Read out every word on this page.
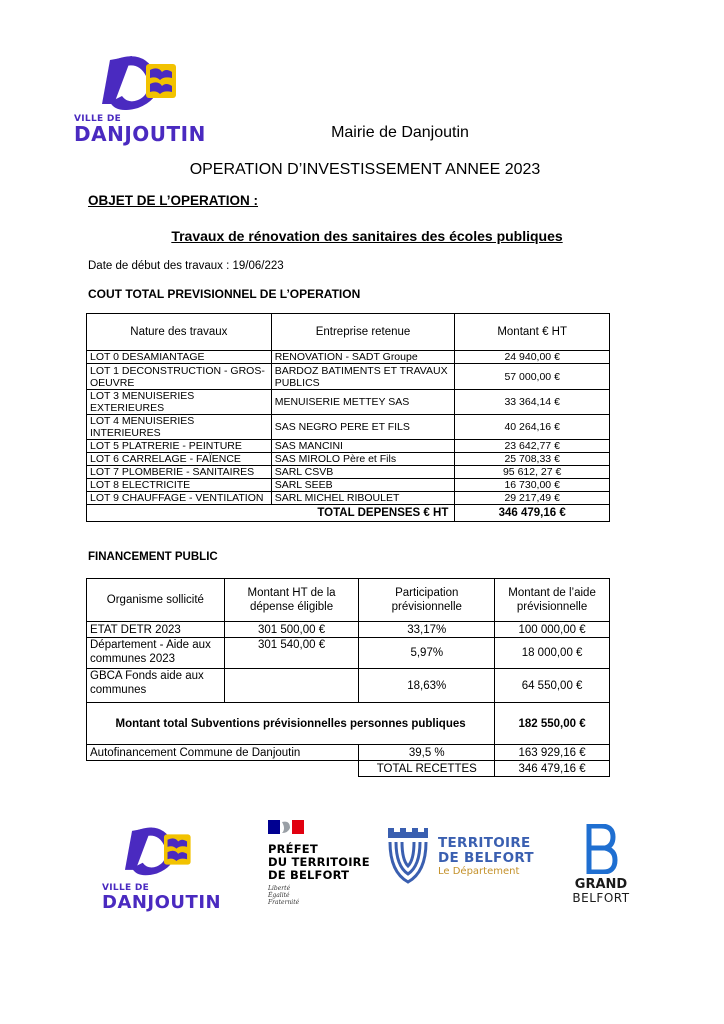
VILLE DE
DANJOUTIN	Mairie de Danjoutin
OPERATION D’INVESTISSEMENT ANNEE 2023
OBJET DE L’OPERATION :
Travaux de rénovation des sanitaires des écoles publiques
Date de début des travaux : 19/06/223
COUT TOTAL PREVISIONNEL DE L’OPERATION
Nature des travaux	Entreprise retenue	Montant € HT
LOT 0 DESAMIANTAGE	RENOVATION - SADT Groupe	24 940,00 €
LOT 1 DECONSTRUCTION - GROS-OEUVRE	BARDOZ BATIMENTS ET TRAVAUX PUBLICS	57 000,00 €
LOT 3 MENUISERIES EXTERIEURES	MENUISERIE METTEY SAS	33 364,14 €
LOT 4 MENUISERIES INTERIEURES	SAS NEGRO PERE ET FILS	40 264,16 €
LOT 5 PLATRERIE - PEINTURE	SAS MANCINI	23 642,77 €
LOT 6 CARRELAGE - FAÏENCE	SAS MIROLO Père et Fils	25 708,33 €
LOT 7 PLOMBERIE - SANITAIRES	SARL CSVB	95 612, 27 €
LOT 8 ELECTRICITE	SARL SEEB	16 730,00 €
LOT 9 CHAUFFAGE - VENTILATION	SARL MICHEL RIBOULET	29 217,49 €
	TOTAL DEPENSES € HT	346 479,16 €
FINANCEMENT PUBLIC
Organisme sollicité	Montant HT de la dépense éligible	Participation prévisionnelle	Montant de l’aide prévisionnelle
ETAT DETR 2023	301 500,00 €	33,17%	100 000,00 €
Département - Aide aux communes 2023	301 540,00 €	5,97%	18 000,00 €
GBCA Fonds aide aux communes		18,63%	64 550,00 €
Montant total Subventions prévisionnelles personnes publiques			182 550,00 €
Autofinancement Commune de Danjoutin		39,5 %	163 929,16 €
		TOTAL RECETTES	346 479,16 €
VILLE DE
DANJOUTIN
PRÉFET
DU TERRITOIRE
DE BELFORT
Liberté
Égalité
Fraternité
TERRITOIRE
DE BELFORT
Le Département
GRAND
BELFORT
